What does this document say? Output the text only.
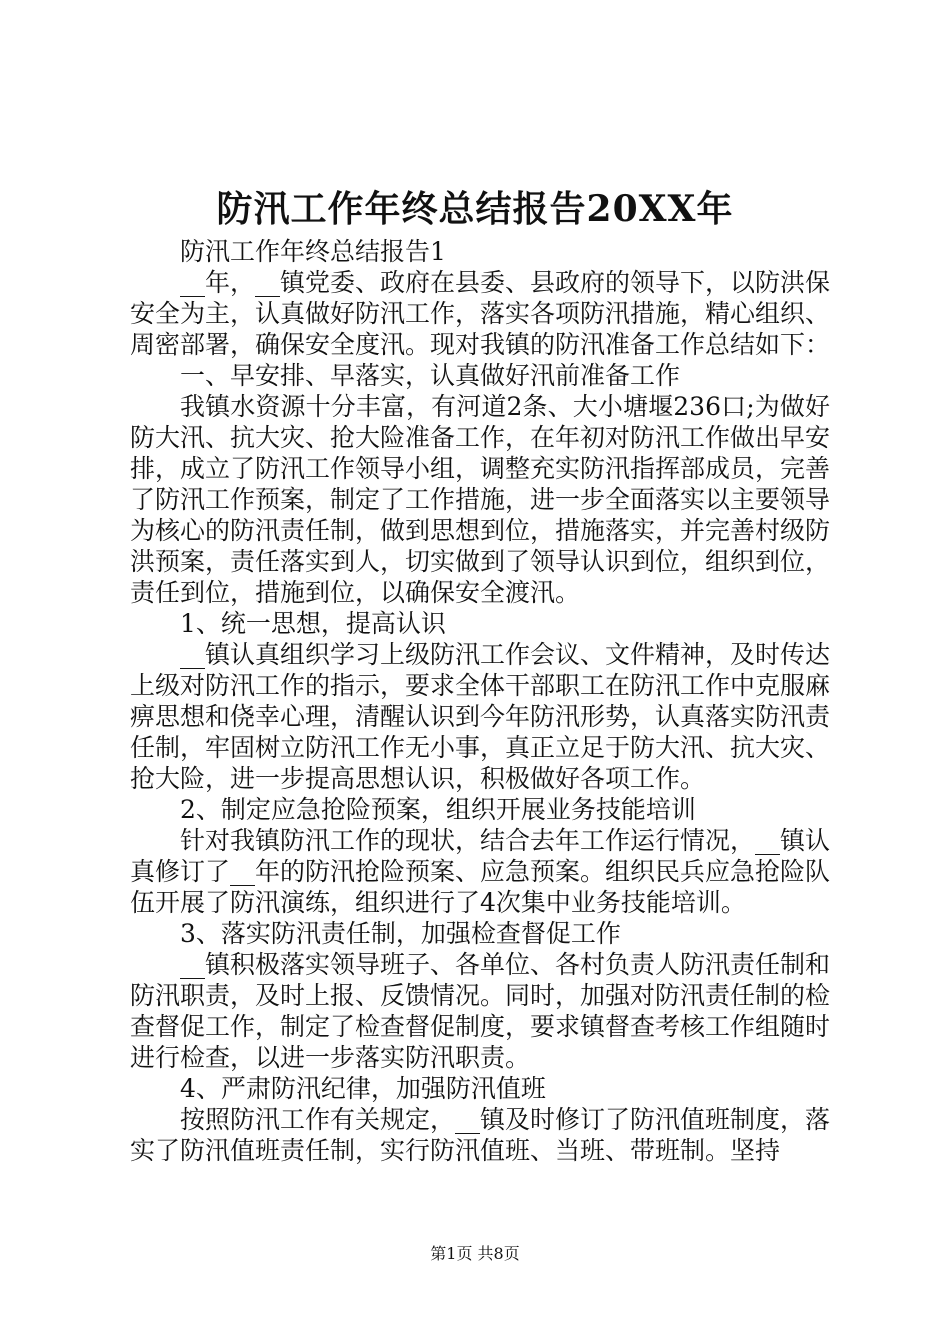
防汛工作年终总结报告20XX年

防汛工作年终总结报告1

__年，__镇党委、政府在县委、县政府的领导下，以防洪保安全为主，认真做好防汛工作，落实各项防汛措施，精心组织、周密部署，确保安全度汛。现对我镇的防汛准备工作总结如下：

一、早安排、早落实，认真做好汛前准备工作

我镇水资源十分丰富，有河道2条、大小塘堰236口;为做好防大汛、抗大灾、抢大险准备工作，在年初对防汛工作做出早安排，成立了防汛工作领导小组，调整充实防汛指挥部成员，完善了防汛工作预案，制定了工作措施，进一步全面落实以主要领导为核心的防汛责任制，做到思想到位，措施落实，并完善村级防洪预案，责任落实到人，切实做到了领导认识到位，组织到位，责任到位，措施到位，以确保安全渡汛。

1、统一思想，提高认识

__镇认真组织学习上级防汛工作会议、文件精神，及时传达上级对防汛工作的指示，要求全体干部职工在防汛工作中克服麻痹思想和侥幸心理，清醒认识到今年防汛形势，认真落实防汛责任制，牢固树立防汛工作无小事，真正立足于防大汛、抗大灾、抢大险，进一步提高思想认识，积极做好各项工作。

2、制定应急抢险预案，组织开展业务技能培训

针对我镇防汛工作的现状，结合去年工作运行情况，__镇认真修订了__年的防汛抢险预案、应急预案。组织民兵应急抢险队伍开展了防汛演练，组织进行了4次集中业务技能培训。

3、落实防汛责任制，加强检查督促工作

__镇积极落实领导班子、各单位、各村负责人防汛责任制和防汛职责，及时上报、反馈情况。同时，加强对防汛责任制的检查督促工作，制定了检查督促制度，要求镇督查考核工作组随时进行检查，以进一步落实防汛职责。

4、严肃防汛纪律，加强防汛值班

按照防汛工作有关规定，__镇及时修订了防汛值班制度，落实了防汛值班责任制，实行防汛值班、当班、带班制。坚持

第1页 共8页
